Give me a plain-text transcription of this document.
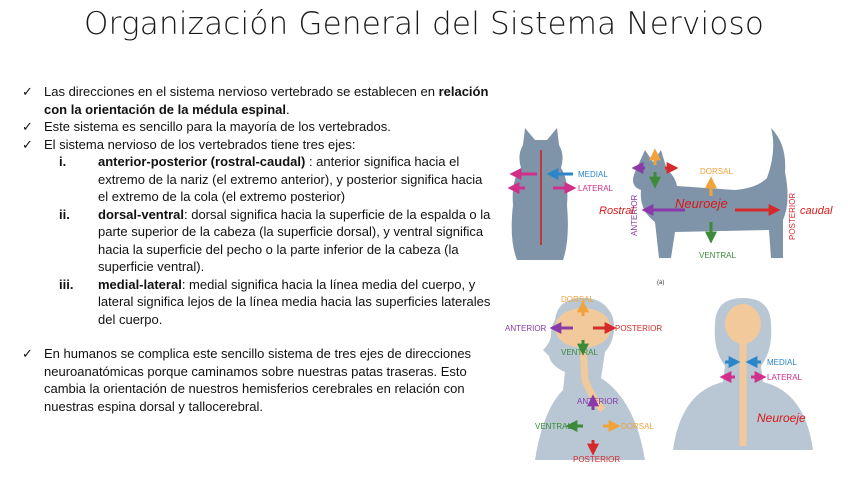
Organización General del Sistema Nervioso

✓ Las direcciones en el sistema nervioso vertebrado se establecen en relación con la orientación de la médula espinal.

✓ Este sistema es sencillo para la mayoría de los vertebrados.

✓ El sistema nervioso de los vertebrados tiene tres ejes:

i. anterior-posterior (rostral-caudal) : anterior significa hacia el extremo de la nariz (el extremo anterior), y posterior significa hacia el extremo de la cola (el extremo posterior)

ii. dorsal-ventral: dorsal significa hacia la superficie de la espalda o la parte superior de la cabeza (la superficie dorsal), y ventral significa hacia la superficie del pecho o la parte inferior de la cabeza (la superficie ventral).

iii. medial-lateral: medial significa hacia la línea media del cuerpo, y lateral significa lejos de la línea media hacia las superficies laterales del cuerpo.

✓ En humanos se complica este sencillo sistema de tres ejes de direcciones neuroanatómicas porque caminamos sobre nuestras patas traseras. Esto cambia la orientación de nuestros hemisferios cerebrales en relación con nuestras espina dorsal y tallocerebral.

MEDIAL
LATERAL
DORSAL
VENTRAL
ANTERIOR	POSTERIOR
(a)
Rostral	caudal
Neuroeje
DORSAL
ANTERIOR	POSTERIOR
VENTRAL
ANTERIOR
VENTRAL	DORSAL
POSTERIOR
MEDIAL
LATERAL
Neuroeje
